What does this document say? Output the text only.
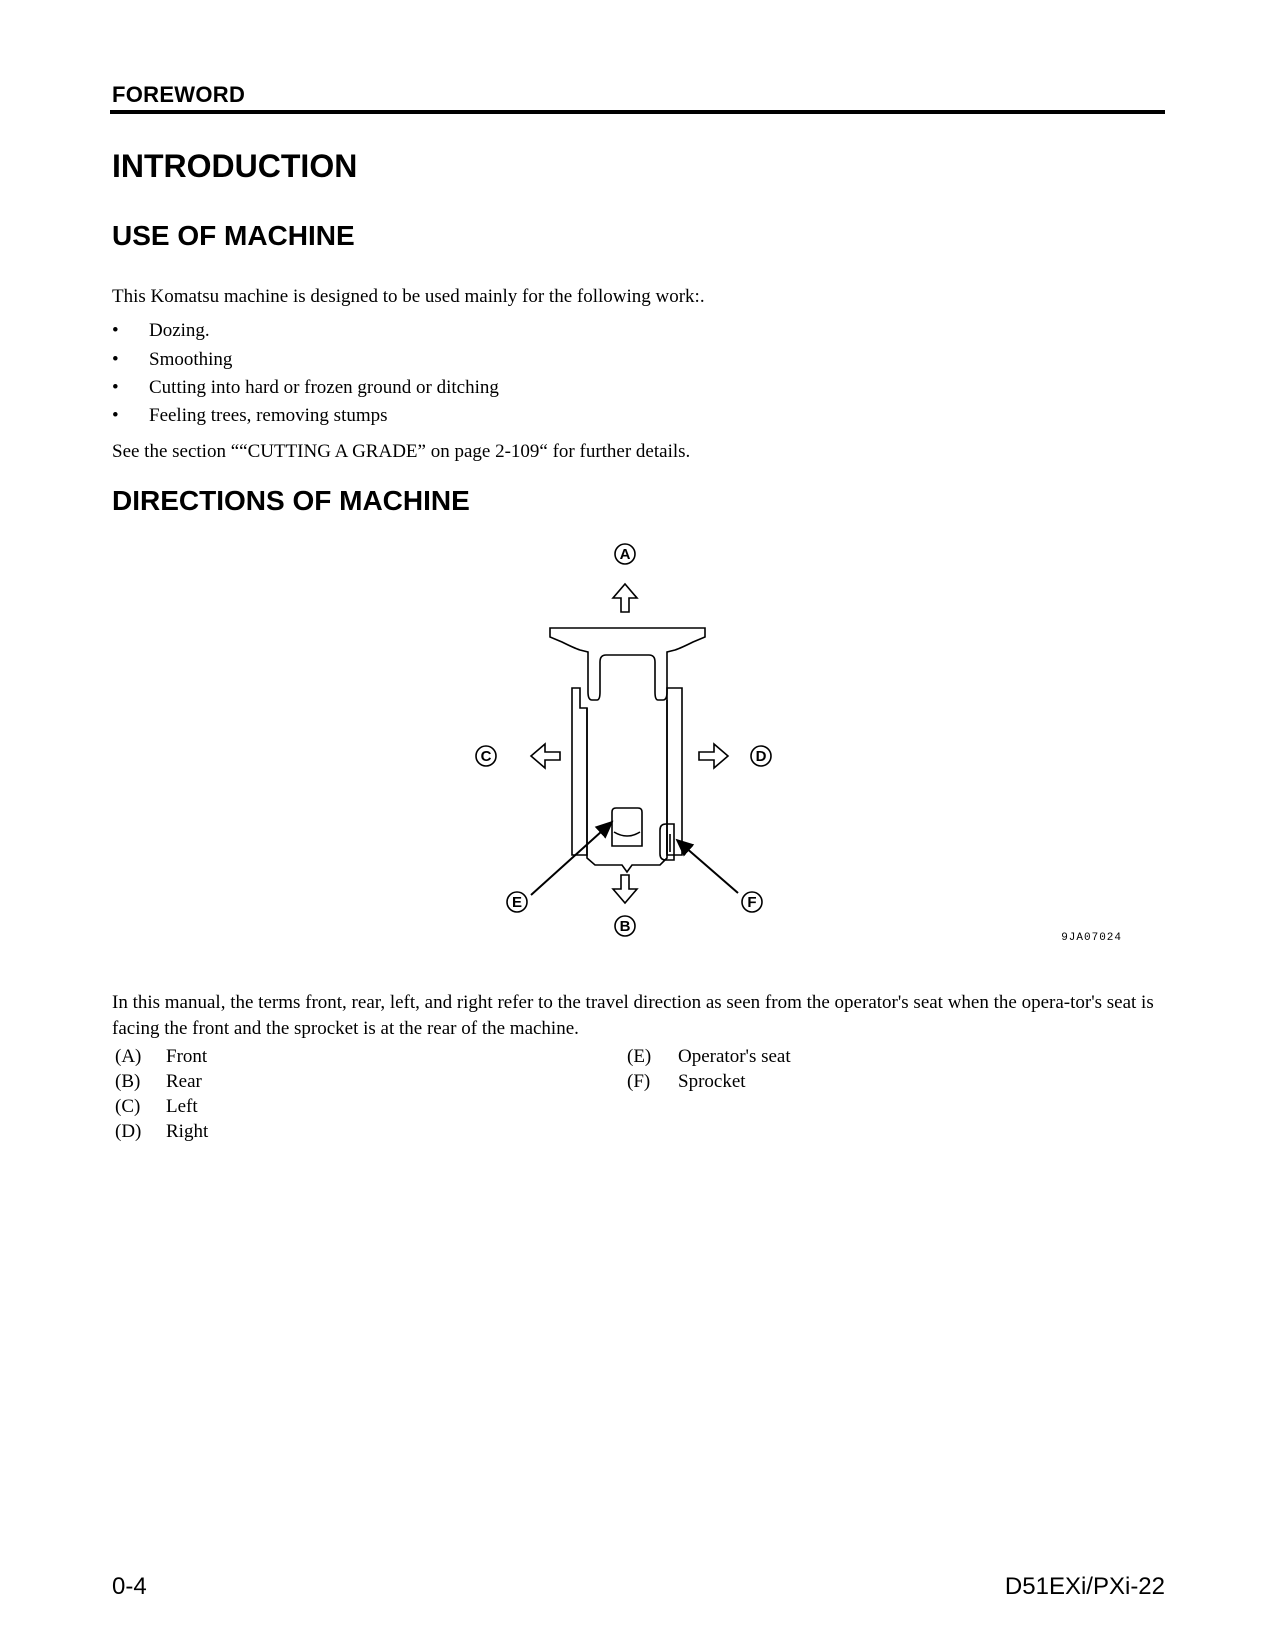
FOREWORD
INTRODUCTION
USE OF MACHINE
This Komatsu machine is designed to be used mainly for the following work:.
• Dozing.
• Smoothing
• Cutting into hard or frozen ground or ditching
• Feeling trees, removing stumps
See the section ““CUTTING A GRADE” on page 2-109“ for further details.
DIRECTIONS OF MACHINE
A
B
C	D
E	F
9JA07024
In this manual, the terms front, rear, left, and right refer to the travel direction as seen from the operator's seat when the opera-tor's seat is facing the front and the sprocket is at the rear of the machine.
(A) Front
(B) Rear
(C) Left
(D) Right
(E) Operator's seat
(F) Sprocket
0-4	D51EXi/PXi-22
